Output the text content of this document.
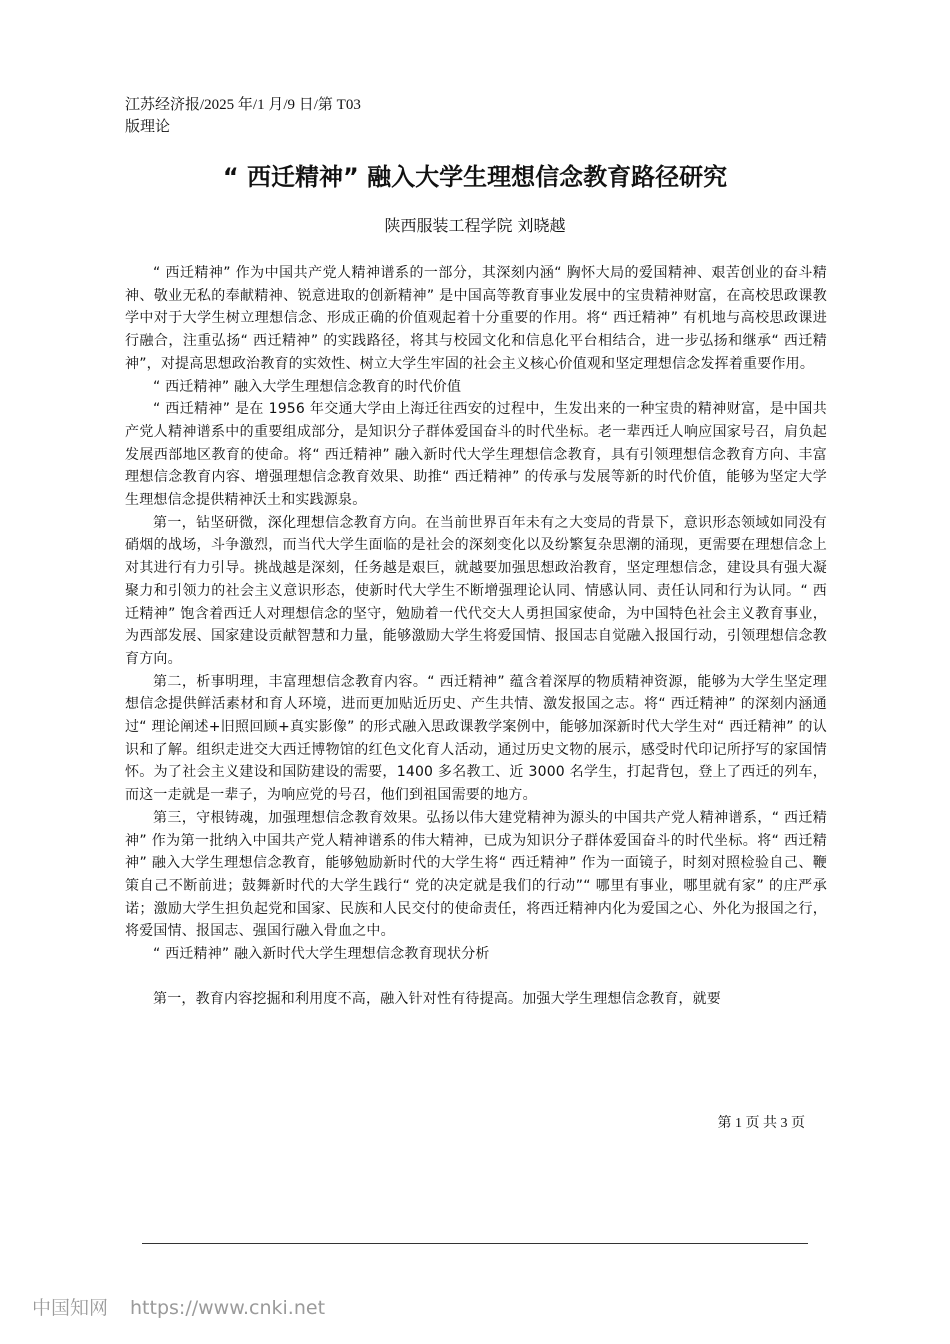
江苏经济报/2025 年/1 月/9 日/第 T03
版理论
“ 西迁精神” 融入大学生理想信念教育路径研究
陕西服装工程学院 刘晓越

“ 西迁精神” 作为中国共产党人精神谱系的一部分，其深刻内涵“ 胸怀大局的爱国精神、艰苦创业的奋斗精神、敬业无私的奉献精神、锐意进取的创新精神” 是中国高等教育事业发展中的宝贵精神财富，在高校思政课教学中对于大学生树立理想信念、形成正确的价值观起着十分重要的作用。将“ 西迁精神” 有机地与高校思政课进行融合，注重弘扬“ 西迁精神” 的实践路径，将其与校园文化和信息化平台相结合，进一步弘扬和继承“ 西迁精神”，对提高思想政治教育的实效性、树立大学生牢固的社会主义核心价值观和坚定理想信念发挥着重要作用。

“ 西迁精神” 融入大学生理想信念教育的时代价值

“ 西迁精神” 是在 1956 年交通大学由上海迁往西安的过程中，生发出来的一种宝贵的精神财富，是中国共产党人精神谱系中的重要组成部分，是知识分子群体爱国奋斗的时代坐标。老一辈西迁人响应国家号召，肩负起发展西部地区教育的使命。将“ 西迁精神” 融入新时代大学生理想信念教育，具有引领理想信念教育方向、丰富理想信念教育内容、增强理想信念教育效果、助推“ 西迁精神” 的传承与发展等新的时代价值，能够为坚定大学生理想信念提供精神沃土和实践源泉。

第一，钻坚研微，深化理想信念教育方向。在当前世界百年未有之大变局的背景下，意识形态领域如同没有硝烟的战场，斗争激烈，而当代大学生面临的是社会的深刻变化以及纷繁复杂思潮的涌现，更需要在理想信念上对其进行有力引导。挑战越是深刻，任务越是艰巨，就越要加强思想政治教育，坚定理想信念，建设具有强大凝聚力和引领力的社会主义意识形态，使新时代大学生不断增强理论认同、情感认同、责任认同和行为认同。“ 西迁精神” 饱含着西迁人对理想信念的坚守，勉励着一代代交大人勇担国家使命，为中国特色社会主义教育事业，为西部发展、国家建设贡献智慧和力量，能够激励大学生将爱国情、报国志自觉融入报国行动，引领理想信念教育方向。

第二，析事明理，丰富理想信念教育内容。“ 西迁精神” 蕴含着深厚的物质精神资源，能够为大学生坚定理想信念提供鲜活素材和育人环境，进而更加贴近历史、产生共情、激发报国之志。将“ 西迁精神” 的深刻内涵通过“ 理论阐述+旧照回顾+真实影像” 的形式融入思政课教学案例中，能够加深新时代大学生对“ 西迁精神” 的认识和了解。组织走进交大西迁博物馆的红色文化育人活动，通过历史文物的展示，感受时代印记所抒写的家国情怀。为了社会主义建设和国防建设的需要，1400 多名教工、近 3000 名学生，打起背包，登上了西迁的列车，而这一走就是一辈子，为响应党的号召，他们到祖国需要的地方。

第三，守根铸魂，加强理想信念教育效果。弘扬以伟大建党精神为源头的中国共产党人精神谱系，“ 西迁精神” 作为第一批纳入中国共产党人精神谱系的伟大精神，已成为知识分子群体爱国奋斗的时代坐标。将“ 西迁精神” 融入大学生理想信念教育，能够勉励新时代的大学生将“ 西迁精神” 作为一面镜子，时刻对照检验自己、鞭策自己不断前进；鼓舞新时代的大学生践行“ 党的决定就是我们的行动”“ 哪里有事业，哪里就有家” 的庄严承诺；激励大学生担负起党和国家、民族和人民交付的使命责任，将西迁精神内化为爱国之心、外化为报国之行，将爱国情、报国志、强国行融入骨血之中。

“ 西迁精神” 融入新时代大学生理想信念教育现状分析

第一，教育内容挖掘和利用度不高，融入针对性有待提高。加强大学生理想信念教育，就要

第 1 页 共 3 页
中国知网 https://www.cnki.net
